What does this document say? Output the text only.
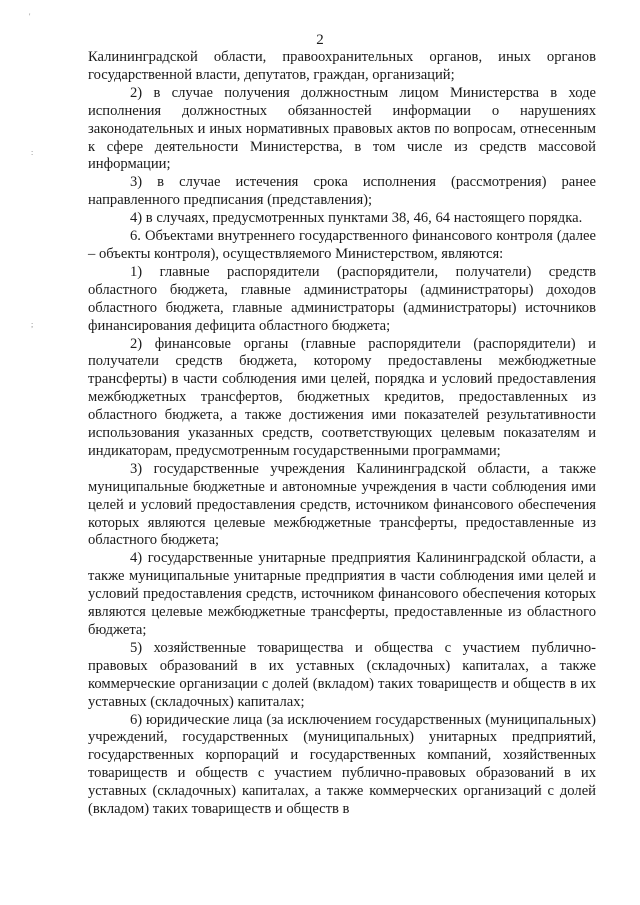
2
'
:
;

Калининградской области, правоохранительных органов, иных органов государственной власти, депутатов, граждан, организаций;

2) в случае получения должностным лицом Министерства в ходе исполнения должностных обязанностей информации о нарушениях законодательных и иных нормативных правовых актов по вопросам, отнесенным к сфере деятельности Министерства, в том числе из средств массовой информации;

3) в случае истечения срока исполнения (рассмотрения) ранее направленного предписания (представления);

4) в случаях, предусмотренных пунктами 38, 46, 64 настоящего порядка.

6. Объектами внутреннего государственного финансового контроля (далее – объекты контроля), осуществляемого Министерством, являются:

1) главные распорядители (распорядители, получатели) средств областного бюджета, главные администраторы (администраторы) доходов областного бюджета, главные администраторы (администраторы) источников финансирования дефицита областного бюджета;

2) финансовые органы (главные распорядители (распорядители) и получатели средств бюджета, которому предоставлены межбюджетные трансферты) в части соблюдения ими целей, порядка и условий предоставления межбюджетных трансфертов, бюджетных кредитов, предоставленных из областного бюджета, а также достижения ими показателей результативности использования указанных средств, соответствующих целевым показателям и индикаторам, предусмотренным государственными программами;

3) государственные учреждения Калининградской области, а также муниципальные бюджетные и автономные учреждения в части соблюдения ими целей и условий предоставления средств, источником финансового обеспечения которых являются целевые межбюджетные трансферты, предоставленные из областного бюджета;

4) государственные унитарные предприятия Калининградской области, а также муниципальные унитарные предприятия в части соблюдения ими целей и условий предоставления средств, источником финансового обеспечения которых являются целевые межбюджетные трансферты, предоставленные из областного бюджета;

5) хозяйственные товарищества и общества с участием публично-правовых образований в их уставных (складочных) капиталах, а также коммерческие организации с долей (вкладом) таких товариществ и обществ в их уставных (складочных) капиталах;

6) юридические лица (за исключением государственных (муниципальных) учреждений, государственных (муниципальных) унитарных предприятий, государственных корпораций и государственных компаний, хозяйственных товариществ и обществ с участием публично-правовых образований в их уставных (складочных) капиталах, а также коммерческих организаций с долей (вкладом) таких товариществ и обществ в
